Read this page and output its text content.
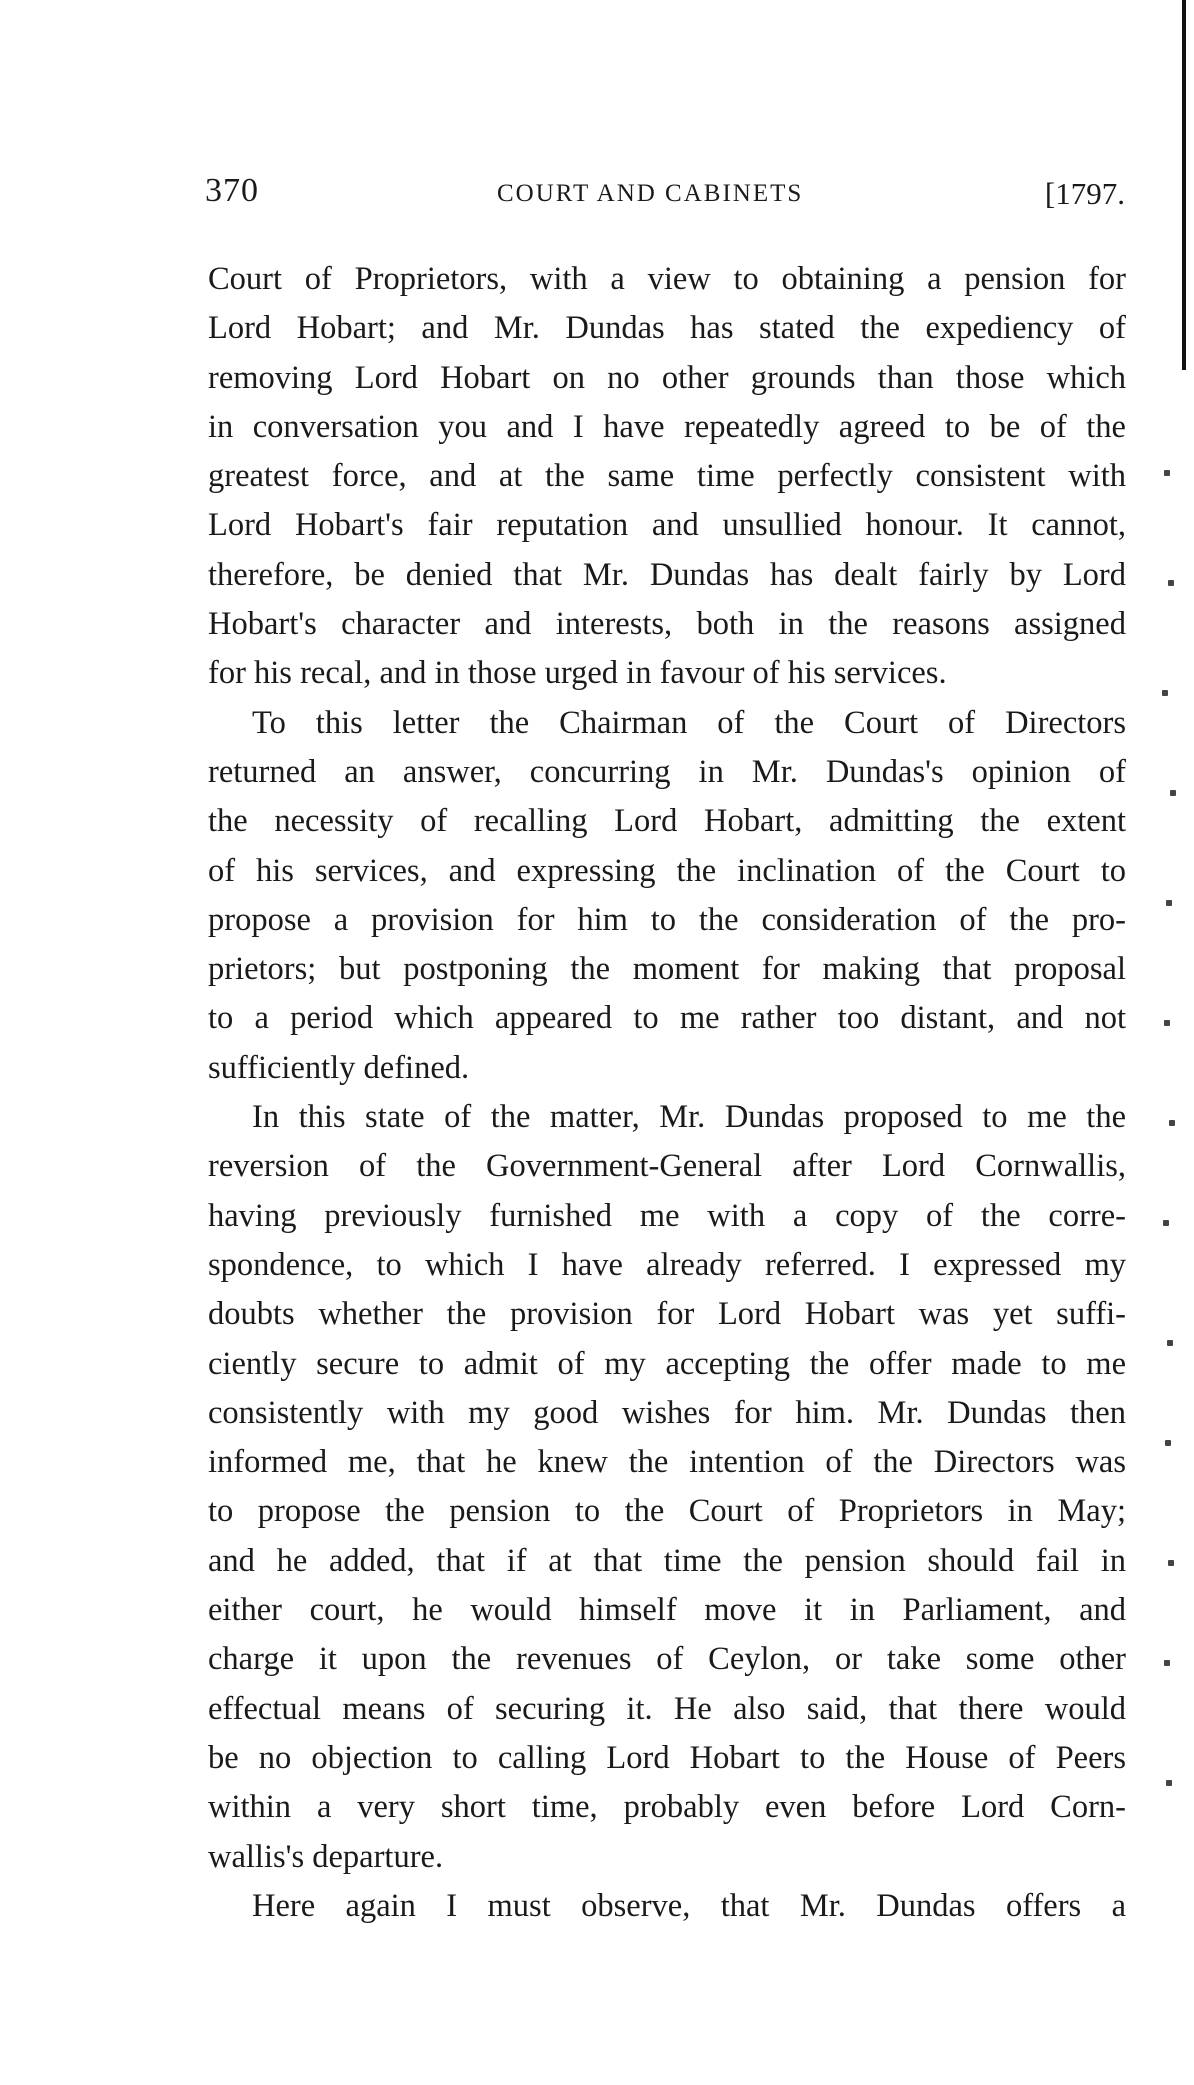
370	COURT AND CABINETS	[1797.
Court of Proprietors, with a view to obtaining a pension for
Lord Hobart; and Mr. Dundas has stated the expediency of
removing Lord Hobart on no other grounds than those which
in conversation you and I have repeatedly agreed to be of the
greatest force, and at the same time perfectly consistent with
Lord Hobart's fair reputation and unsullied honour. It cannot,
therefore, be denied that Mr. Dundas has dealt fairly by Lord
Hobart's character and interests, both in the reasons assigned
for his recal, and in those urged in favour of his services.
To this letter the Chairman of the Court of Directors
returned an answer, concurring in Mr. Dundas's opinion of
the necessity of recalling Lord Hobart, admitting the extent
of his services, and expressing the inclination of the Court to
propose a provision for him to the consideration of the pro-
prietors; but postponing the moment for making that proposal
to a period which appeared to me rather too distant, and not
sufficiently defined.
In this state of the matter, Mr. Dundas proposed to me the
reversion of the Government-General after Lord Cornwallis,
having previously furnished me with a copy of the corre-
spondence, to which I have already referred. I expressed my
doubts whether the provision for Lord Hobart was yet suffi-
ciently secure to admit of my accepting the offer made to me
consistently with my good wishes for him. Mr. Dundas then
informed me, that he knew the intention of the Directors was
to propose the pension to the Court of Proprietors in May;
and he added, that if at that time the pension should fail in
either court, he would himself move it in Parliament, and
charge it upon the revenues of Ceylon, or take some other
effectual means of securing it. He also said, that there would
be no objection to calling Lord Hobart to the House of Peers
within a very short time, probably even before Lord Corn-
wallis's departure.
Here again I must observe, that Mr. Dundas offers a
